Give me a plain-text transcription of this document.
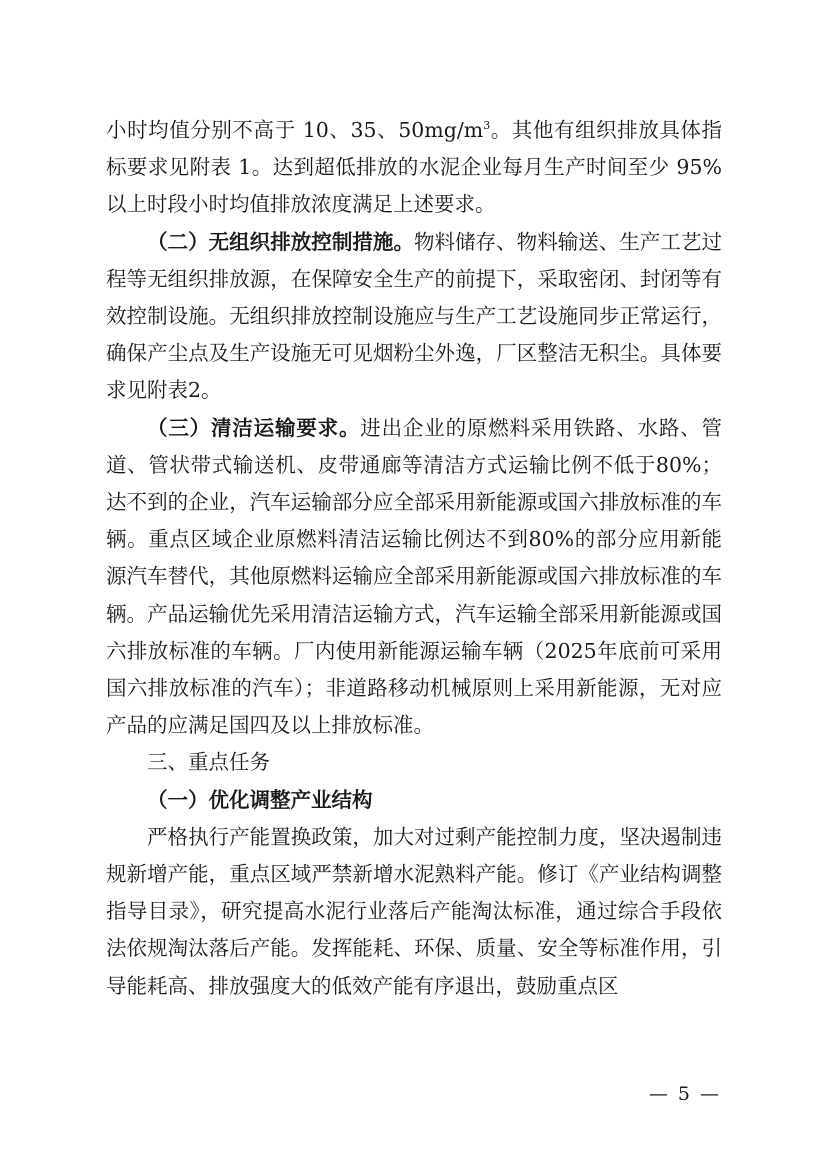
小时均值分别不高于 10、35、$50mg/m^3$。其他有组织排放具体指标要求见附表 1。达到超低排放的水泥企业每月生产时间至少 95%以上时段小时均值排放浓度满足上述要求。

（二）无组织排放控制措施。物料储存、物料输送、生产工艺过程等无组织排放源，在保障安全生产的前提下，采取密闭、封闭等有效控制设施。无组织排放控制设施应与生产工艺设施同步正常运行，确保产尘点及生产设施无可见烟粉尘外逸，厂区整洁无积尘。具体要求见附表2。

（三）清洁运输要求。进出企业的原燃料采用铁路、水路、管道、管状带式输送机、皮带通廊等清洁方式运输比例不低于80%；达不到的企业，汽车运输部分应全部采用新能源或国六排放标准的车辆。重点区域企业原燃料清洁运输比例达不到80%的部分应用新能源汽车替代，其他原燃料运输应全部采用新能源或国六排放标准的车辆。产品运输优先采用清洁运输方式，汽车运输全部采用新能源或国六排放标准的车辆。厂内使用新能源运输车辆（2025年底前可采用国六排放标准的汽车）；非道路移动机械原则上采用新能源，无对应产品的应满足国四及以上排放标准。

三、重点任务

（一）优化调整产业结构

严格执行产能置换政策，加大对过剩产能控制力度，坚决遏制违规新增产能，重点区域严禁新增水泥熟料产能。修订《产业结构调整指导目录》，研究提高水泥行业落后产能淘汰标准，通过综合手段依法依规淘汰落后产能。发挥能耗、环保、质量、安全等标准作用，引导能耗高、排放强度大的低效产能有序退出，鼓励重点区

— 5 —
